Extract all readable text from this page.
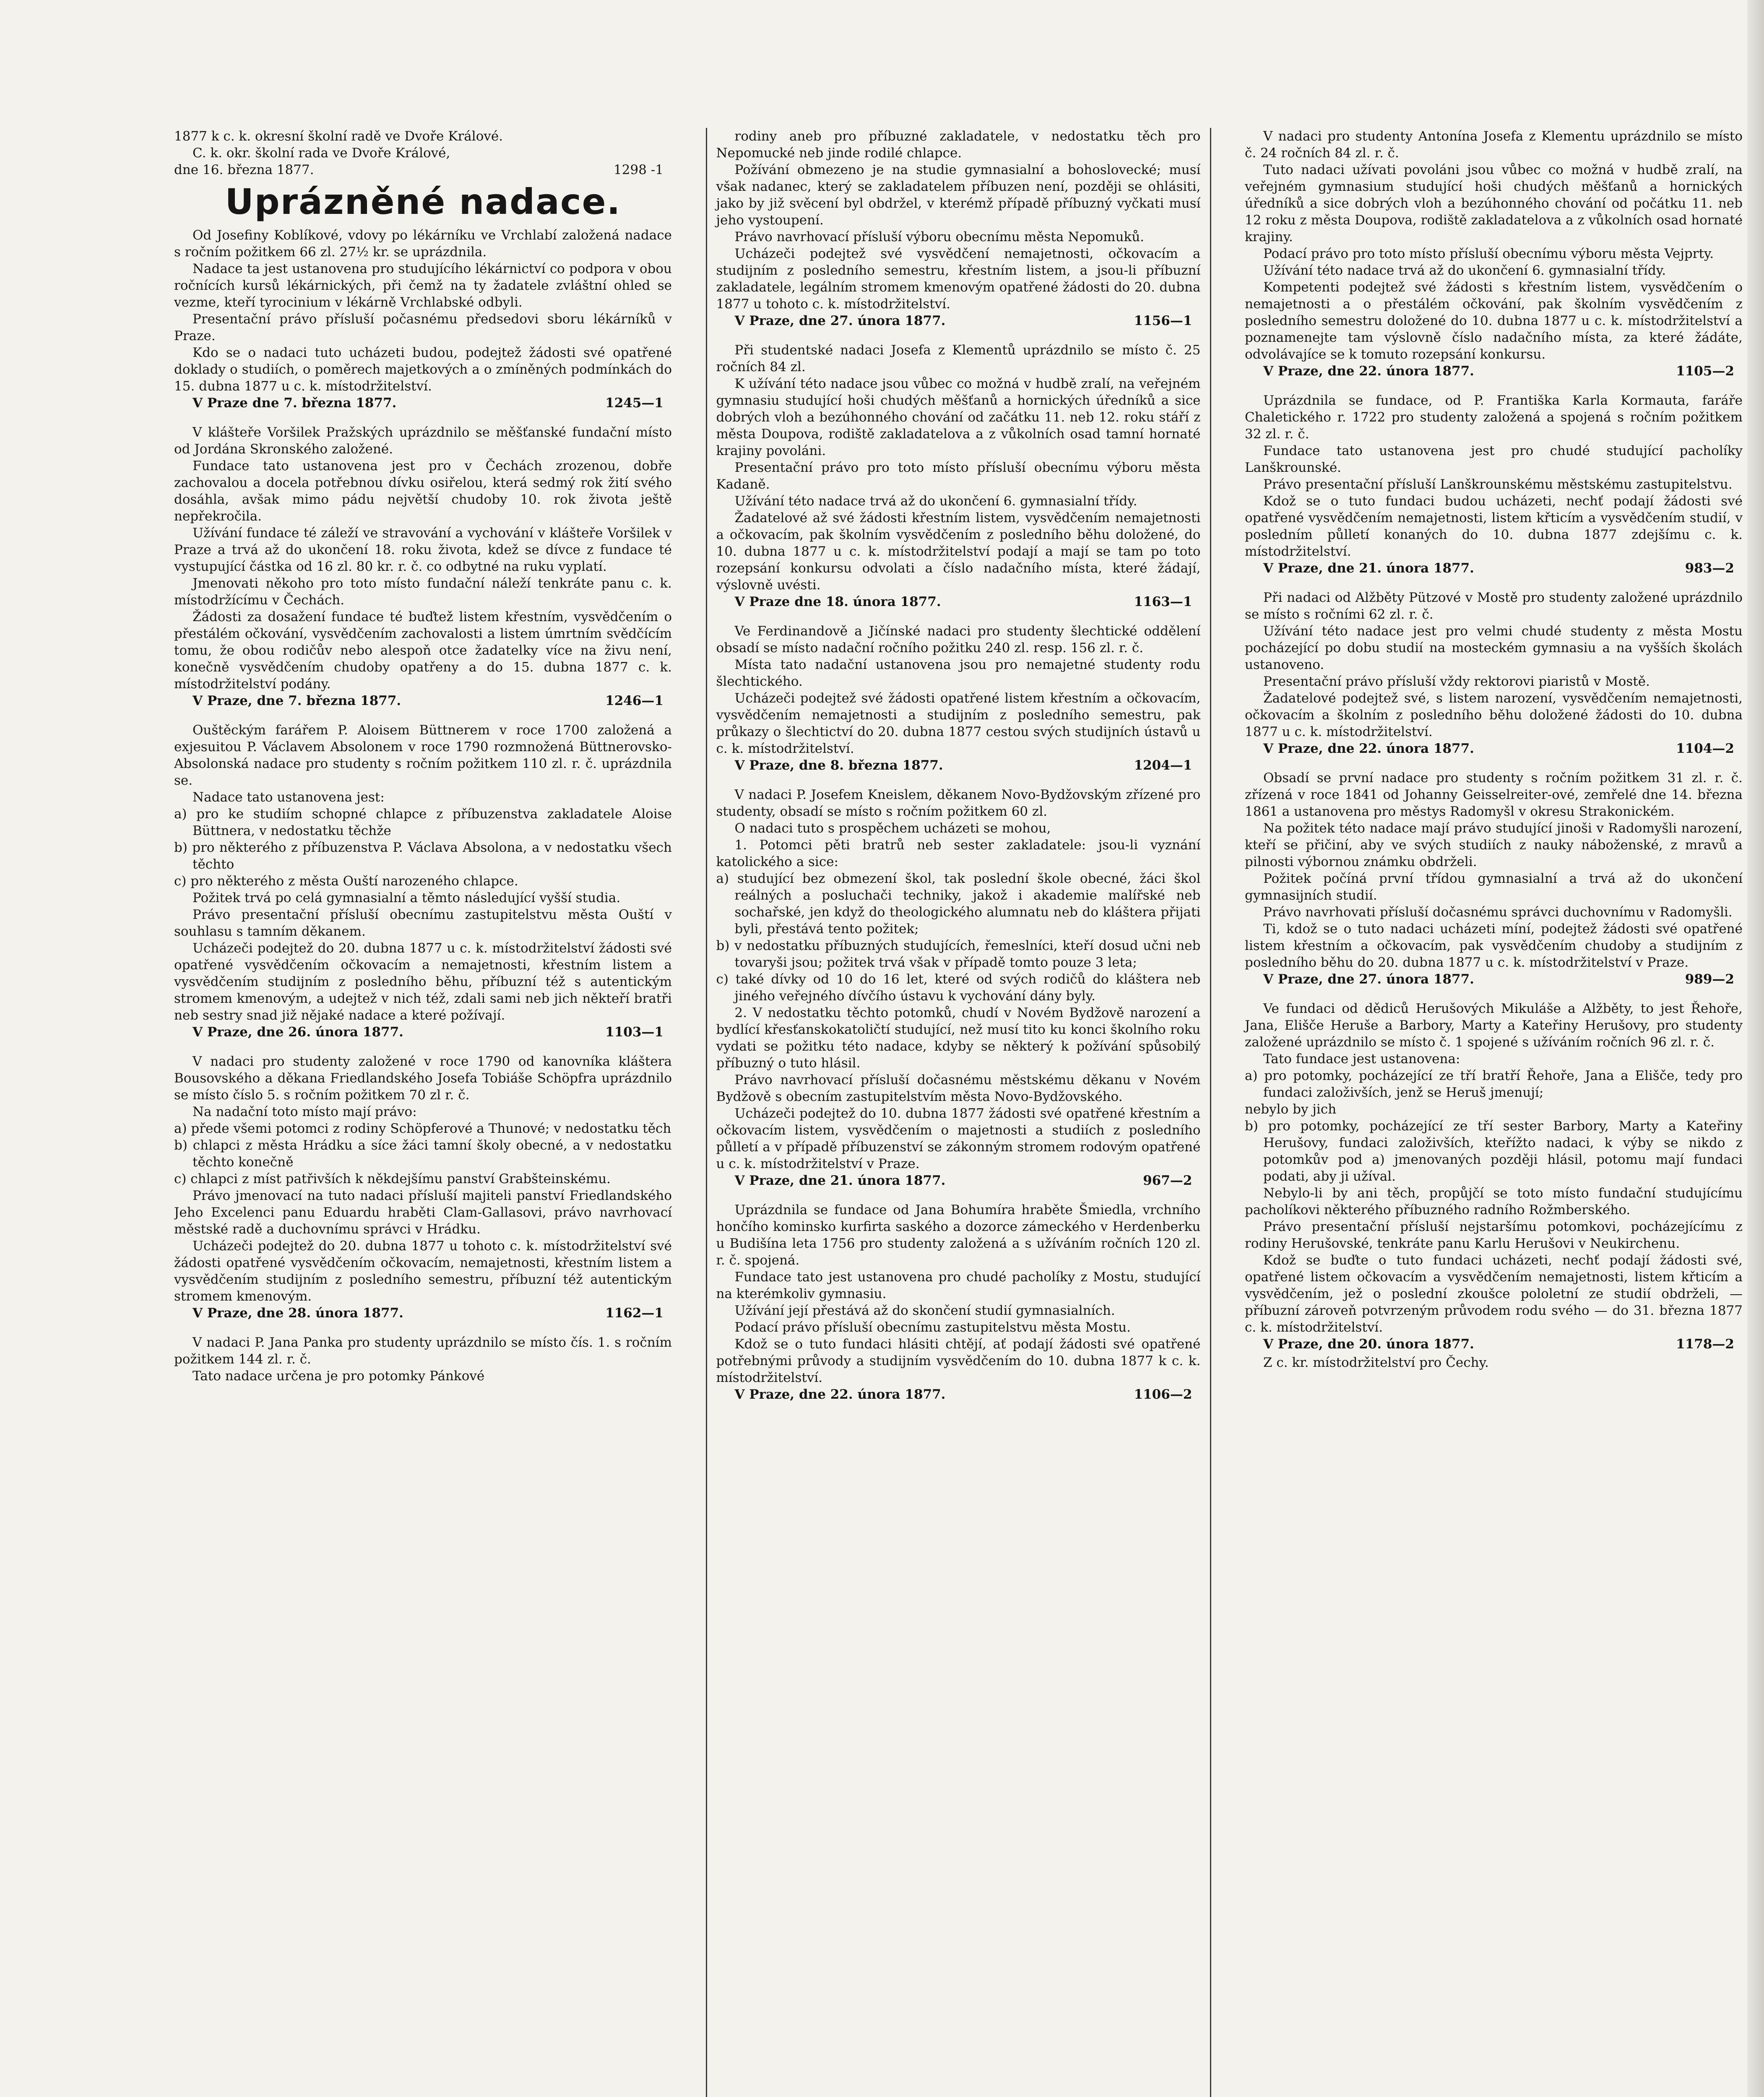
1877 k c. k. okresní školní radě ve Dvoře Králové.

C. k. okr. školní rada ve Dvoře Králové,

dne 16. března 1877.	1298 -1
Uprázněné nadace.

Od Josefiny Koblíkové, vdovy po lékárníku ve Vrchlabí založená nadace s ročním požitkem 66 zl. 27½ kr. se uprázdnila.

Nadace ta jest ustanovena pro studujícího lékárnictví co podpora v obou ročnících kursů lékárnických, při čemž na ty žadatele zvláštní ohled se vezme, kteří tyrocinium v lékárně Vrchlabské odbyli.

Presentační právo přísluší počasnému předsedovi sboru lékárníků v Praze.

Kdo se o nadaci tuto ucházeti budou, podejtež žádosti své opatřené doklady o studiích, o poměrech majetkových a o zmíněných podmínkách do 15. dubna 1877 u c. k. místodržitelství.

V Praze dne 7. března 1877.	1245—1

V klášteře Voršilek Pražských uprázdnilo se měšťanské fundační místo od Jordána Skronského založené.

Fundace tato ustanovena jest pro v Čechách zrozenou, dobře zachovalou a docela potřebnou dívku osiřelou, která sedmý rok žití svého dosáhla, avšak mimo pádu největší chudoby 10. rok života ještě nepřekročila.

Užívání fundace té záleží ve stravování a vychování v klášteře Voršilek v Praze a trvá až do ukončení 18. roku života, kdež se dívce z fundace té vystupující částka od 16 zl. 80 kr. r. č. co odbytné na ruku vyplatí.

Jmenovati někoho pro toto místo fundační náleží tenkráte panu c. k. místodržícímu v Čechách.

Žádosti za dosažení fundace té buďtež listem křestním, vysvědčením o přestálém očkování, vysvědčením zachovalosti a listem úmrtním svědčícím tomu, že obou rodičův nebo alespoň otce žadatelky více na živu není, konečně vysvědčením chudoby opatřeny a do 15. dubna 1877 c. k. místodržitelství podány.

V Praze, dne 7. března 1877.	1246—1

Ouštěckým farářem P. Aloisem Büttnerem v roce 1700 založená a exjesuitou P. Václavem Absolonem v roce 1790 rozmnožená Büttnerovsko-Absolonská nadace pro studenty s ročním požitkem 110 zl. r. č. uprázdnila se.

Nadace tato ustanovena jest:

a) pro ke studiím schopné chlapce z příbuzenstva zakladatele Aloise Büttnera, v nedostatku těchže

b) pro některého z příbuzenstva P. Václava Absolona, a v nedostatku všech těchto

c) pro některého z města Ouští narozeného chlapce.

Požitek trvá po celá gymnasialní a těmto následující vyšší studia.

Právo presentační přísluší obecnímu zastupitelstvu města Ouští v souhlasu s tamním děkanem.

Ucházeči podejtež do 20. dubna 1877 u c. k. místodržitelství žádosti své opatřené vysvědčením očkovacím a nemajetnosti, křestním listem a vysvědčením studijním z posledního běhu, příbuzní též s autentickým stromem kmenovým, a udejtež v nich též, zdali sami neb jich někteří bratři neb sestry snad již nějaké nadace a které požívají.

V Praze, dne 26. února 1877.	1103—1

V nadaci pro studenty založené v roce 1790 od kanovníka kláštera Bousovského a děkana Friedlandského Josefa Tobiáše Schöpfra uprázdnilo se místo číslo 5. s ročním požitkem 70 zl r. č.

Na nadační toto místo mají právo:

a) přede všemi potomci z rodiny Schöpferové a Thunové; v nedostatku těch

b) chlapci z města Hrádku a síce žáci tamní školy obecné, a v nedostatku těchto konečně

c) chlapci z míst patřivších k někdejšímu panství Grabšteinskému.

Právo jmenovací na tuto nadaci přísluší majiteli panství Friedlandského Jeho Excelenci panu Eduardu hraběti Clam-Gallasovi, právo navrhovací městské radě a duchovnímu správci v Hrádku.

Ucházeči podejtež do 20. dubna 1877 u tohoto c. k. místodržitelství své žádosti opatřené vysvědčením očkovacím, nemajetnosti, křestním listem a vysvědčením studijním z posledního semestru, příbuzní též autentickým stromem kmenovým.

V Praze, dne 28. února 1877.	1162—1

V nadaci P. Jana Panka pro studenty uprázdnilo se místo čís. 1. s ročním požitkem 144 zl. r. č.

Tato nadace určena je pro potomky Pánkové

rodiny aneb pro příbuzné zakladatele, v nedostatku těch pro Nepomucké neb jinde rodilé chlapce.

Požívání obmezeno je na studie gymnasialní a bohoslovecké; musí však nadanec, který se zakladatelem příbuzen není, později se ohlásiti, jako by již svěcení byl obdržel, v kterémž případě příbuzný vyčkati musí jeho vystoupení.

Právo navrhovací přísluší výboru obecnímu města Nepomuků.

Ucházeči podejtež své vysvědčení nemajetnosti, očkovacím a studijním z posledního semestru, křestním listem, a jsou-li příbuzní zakladatele, legálním stromem kmenovým opatřené žádosti do 20. dubna 1877 u tohoto c. k. místodržitelství.

V Praze, dne 27. února 1877.	1156—1

Při studentské nadaci Josefa z Klementů uprázdnilo se místo č. 25 ročních 84 zl.

K užívání této nadace jsou vůbec co možná v hudbě zralí, na veřejném gymnasiu studující hoši chudých měšťanů a hornických úředníků a sice dobrých vloh a bezúhonného chování od začátku 11. neb 12. roku stáří z města Doupova, rodiště zakladatelova a z vůkolních osad tamní hornaté krajiny povoláni.

Presentační právo pro toto místo přísluší obecnímu výboru města Kadaně.

Užívání této nadace trvá až do ukončení 6. gymnasialní třídy.

Žadatelové až své žádosti křestním listem, vysvědčením nemajetnosti a očkovacím, pak školním vysvědčením z posledního běhu doložené, do 10. dubna 1877 u c. k. místodržitelství podají a mají se tam po toto rozepsání konkursu odvolati a číslo nadačního místa, které žádají, výslovně uvésti.

V Praze dne 18. února 1877.	1163—1

Ve Ferdinandově a Jičínské nadaci pro studenty šlechtické oddělení obsadí se místo nadační ročního požitku 240 zl. resp. 156 zl. r. č.

Místa tato nadační ustanovena jsou pro nemajetné studenty rodu šlechtického.

Ucházeči podejtež své žádosti opatřené listem křestním a očkovacím, vysvědčením nemajetnosti a studijním z posledního semestru, pak průkazy o šlechtictví do 20. dubna 1877 cestou svých studijních ústavů u c. k. místodržitelství.

V Praze, dne 8. března 1877.	1204—1

V nadaci P. Josefem Kneislem, děkanem Novo-Bydžovským zřízené pro studenty, obsadí se místo s ročním požitkem 60 zl.

O nadaci tuto s prospěchem ucházeti se mohou,

1. Potomci pěti bratrů neb sester zakladatele: jsou-li vyznání katolického a sice:

a) studující bez obmezení škol, tak poslední škole obecné, žáci škol reálných a posluchači techniky, jakož i akademie malířské neb sochařské, jen když do theologického alumnatu neb do kláštera přijati byli, přestává tento požitek;

b) v nedostatku příbuzných studujících, řemeslníci, kteří dosud učni neb tovaryši jsou; požitek trvá však v případě tomto pouze 3 leta;

c) také dívky od 10 do 16 let, které od svých rodičů do kláštera neb jiného veřejného dívčího ústavu k vychování dány byly.

2. V nedostatku těchto potomků, chudí v Novém Bydžově narození a bydlící křesťanskokatoličtí studující, než musí tito ku konci školního roku vydati se požitku této nadace, kdyby se některý k požívání spůsobilý příbuzný o tuto hlásil.

Právo navrhovací přísluší dočasnému městskému děkanu v Novém Bydžově s obecním zastupitelstvím města Novo-Bydžovského.

Ucházeči podejtež do 10. dubna 1877 žádosti své opatřené křestním a očkovacím listem, vysvědčením o majetnosti a studiích z posledního půlletí a v případě příbuzenství se zákonným stromem rodovým opatřené u c. k. místodržitelství v Praze.

V Praze, dne 21. února 1877.	967—2

Uprázdnila se fundace od Jana Bohumíra hraběte Šmiedla, vrchního hončího kominsko kurfirta saského a dozorce zámeckého v Herdenberku u Budišína leta 1756 pro studenty založená a s užíváním ročních 120 zl. r. č. spojená.

Fundace tato jest ustanovena pro chudé pacholíky z Mostu, studující na kterémkoliv gymnasiu.

Užívání její přestává až do skončení studií gymnasialních.

Podací právo přísluší obecnímu zastupitelstvu města Mostu.

Kdož se o tuto fundaci hlásiti chtějí, ať podají žádosti své opatřené potřebnými průvody a studijním vysvědčením do 10. dubna 1877 k c. k. místodržitelství.

V Praze, dne 22. února 1877.	1106—2

V nadaci pro studenty Antonína Josefa z Klementu uprázdnilo se místo č. 24 ročních 84 zl. r. č.

Tuto nadaci užívati povoláni jsou vůbec co možná v hudbě zralí, na veřejném gymnasium studující hoši chudých měšťanů a hornických úředníků a sice dobrých vloh a bezúhonného chování od počátku 11. neb 12 roku z města Doupova, rodiště zakladatelova a z vůkolních osad hornaté krajiny.

Podací právo pro toto místo přísluší obecnímu výboru města Vejprty.

Užívání této nadace trvá až do ukončení 6. gymnasialní třídy.

Kompetenti podejtež své žádosti s křestním listem, vysvědčením o nemajetnosti a o přestálém očkování, pak školním vysvědčením z posledního semestru doložené do 10. dubna 1877 u c. k. místodržitelství a poznamenejte tam výslovně číslo nadačního místa, za které žádáte, odvolávajíce se k tomuto rozepsání konkursu.

V Praze, dne 22. února 1877.	1105—2

Uprázdnila se fundace, od P. Františka Karla Kormauta, faráře Chaletického r. 1722 pro studenty založená a spojená s ročním požitkem 32 zl. r. č.

Fundace tato ustanovena jest pro chudé studující pacholíky Lanškrounské.

Právo presentační přísluší Lanškrounskému městskému zastupitelstvu.

Kdož se o tuto fundaci budou ucházeti, nechť podají žádosti své opatřené vysvědčením nemajetnosti, listem křticím a vysvědčením studií, v posledním půlletí konaných do 10. dubna 1877 zdejšímu c. k. místodržitelství.

V Praze, dne 21. února 1877.	983—2

Při nadaci od Alžběty Pützové v Mostě pro studenty založené uprázdnilo se místo s ročními 62 zl. r. č.

Užívání této nadace jest pro velmi chudé studenty z města Mostu pocházející po dobu studií na mosteckém gymnasiu a na vyšších školách ustanoveno.

Presentační právo přísluší vždy rektorovi piaristů v Mostě.

Žadatelové podejtež své, s listem narození, vysvědčením nemajetnosti, očkovacím a školním z posledního běhu doložené žádosti do 10. dubna 1877 u c. k. místodržitelství.

V Praze, dne 22. února 1877.	1104—2

Obsadí se první nadace pro studenty s ročním požitkem 31 zl. r. č. zřízená v roce 1841 od Johanny Geisselreiter-ové, zemřelé dne 14. března 1861 a ustanovena pro městys Radomyšl v okresu Strakonickém.

Na požitek této nadace mají právo studující jinoši v Radomyšli narození, kteří se přičiní, aby ve svých studiích z nauky náboženské, z mravů a pilnosti výbornou známku obdrželi.

Požitek počíná první třídou gymnasialní a trvá až do ukončení gymnasijních studií.

Právo navrhovati přísluší dočasnému správci duchovnímu v Radomyšli.

Ti, kdož se o tuto nadaci ucházeti míní, podejtež žádosti své opatřené listem křestním a očkovacím, pak vysvědčením chudoby a studijním z posledního běhu do 20. dubna 1877 u c. k. místodržitelství v Praze.

V Praze, dne 27. února 1877.	989—2

Ve fundaci od dědiců Herušových Mikuláše a Alžběty, to jest Řehoře, Jana, Elišče Heruše a Barbory, Marty a Kateřiny Herušovy, pro studenty založené uprázdnilo se místo č. 1 spojené s užíváním ročních 96 zl. r. č.

Tato fundace jest ustanovena:

a) pro potomky, pocházející ze tří bratří Řehoře, Jana a Elišče, tedy pro fundaci založivších, jenž se Heruš jmenují;

nebylo by jich

b) pro potomky, pocházející ze tří sester Barbory, Marty a Kateřiny Herušovy, fundaci založivších, kteřížto nadaci, k výby se nikdo z potomkův pod a) jmenovaných později hlásil, potomu mají fundaci podati, aby ji užíval.

Nebylo-li by ani těch, propůjčí se toto místo fundační studujícímu pacholíkovi některého příbuzného radního Rožmberského.

Právo presentační přísluší nejstaršímu potomkovi, pocházejícímu z rodiny Herušovské, tenkráte panu Karlu Herušovi v Neukirchenu.

Kdož se buďte o tuto fundaci ucházeti, nechť podají žádosti své, opatřené listem očkovacím a vysvědčením nemajetnosti, listem křticím a vysvědčením, jež o poslední zkoušce pololetní ze studií obdrželi, — příbuzní zároveň potvrzeným průvodem rodu svého — do 31. března 1877 c. k. místodržitelství.

V Praze, dne 20. února 1877.	1178—2

Z c. kr. místodržitelství pro Čechy.
